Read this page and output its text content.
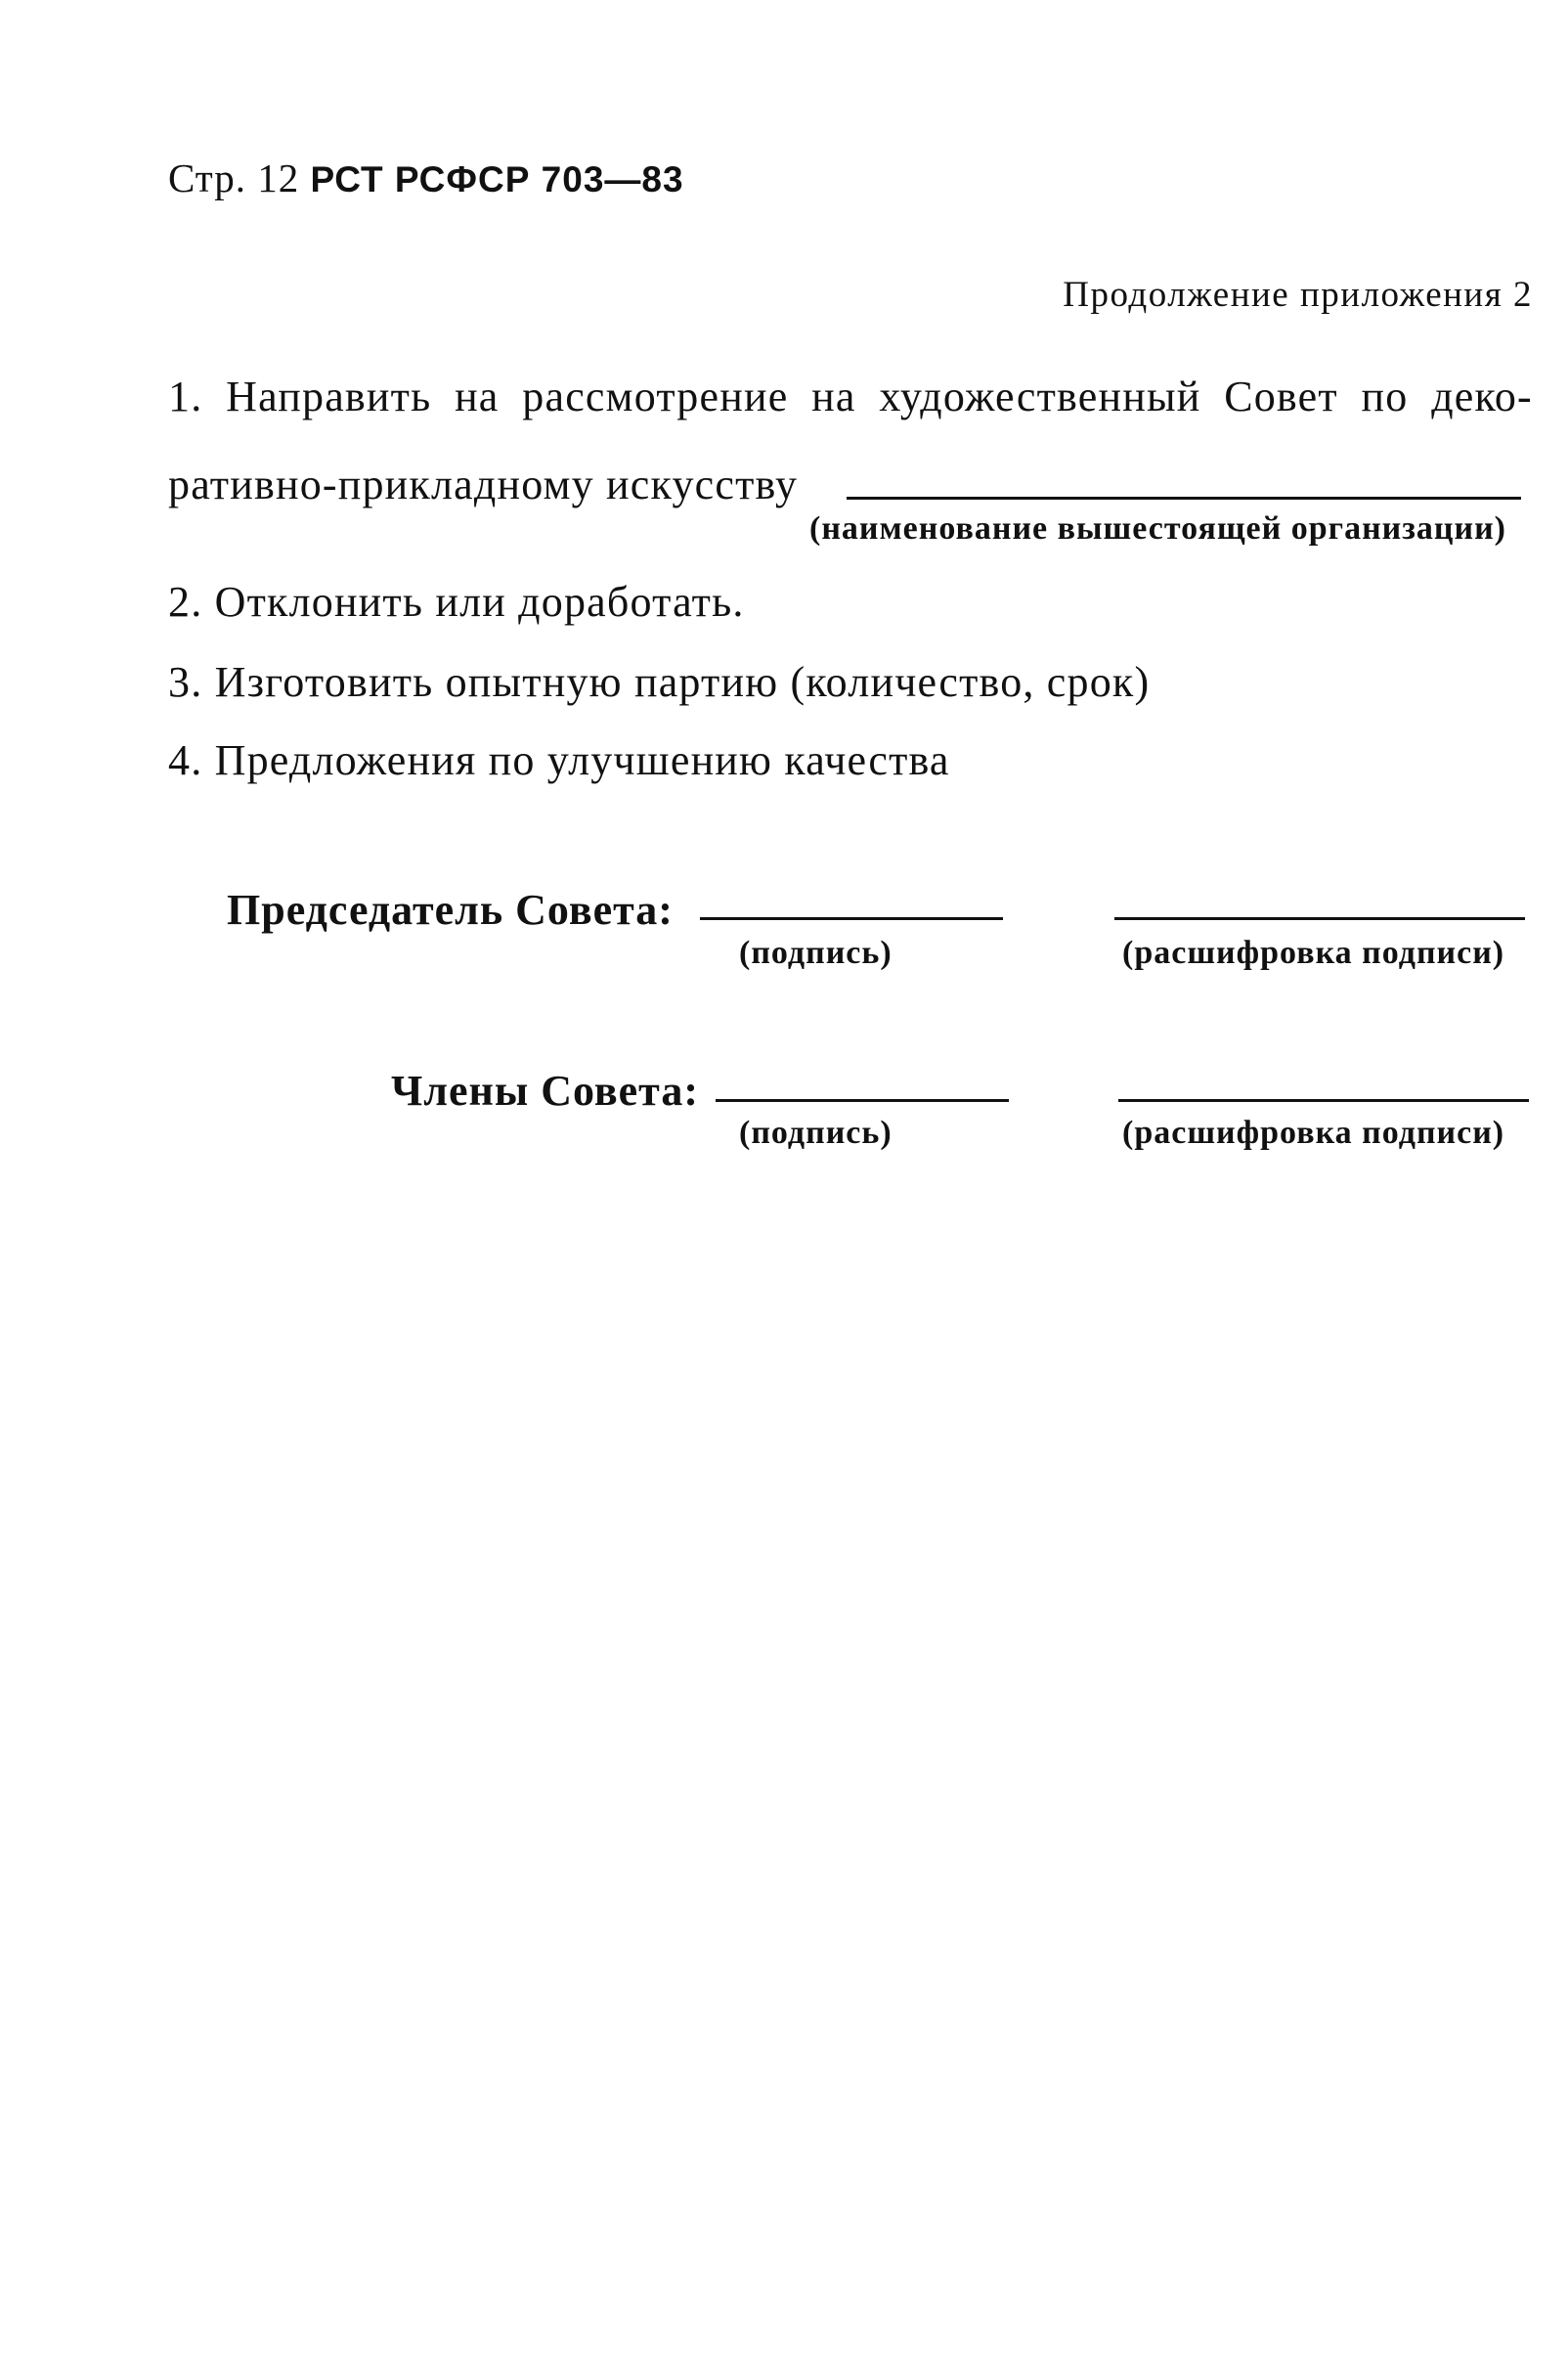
Стр. 12 РСТ РСФСР 703—83
Продолжение приложения 2
1. Направить на рассмотрение на художественный Совет по деко-
ративно-прикладному искусству
(наименование вышестоящей организации)
2. Отклонить или доработать.
3. Изготовить опытную партию (количество, срок)
4. Предложения по улучшению качества
Председатель Совета:
(подпись)	(расшифровка подписи)
Члены Совета:
(подпись)	(расшифровка подписи)
